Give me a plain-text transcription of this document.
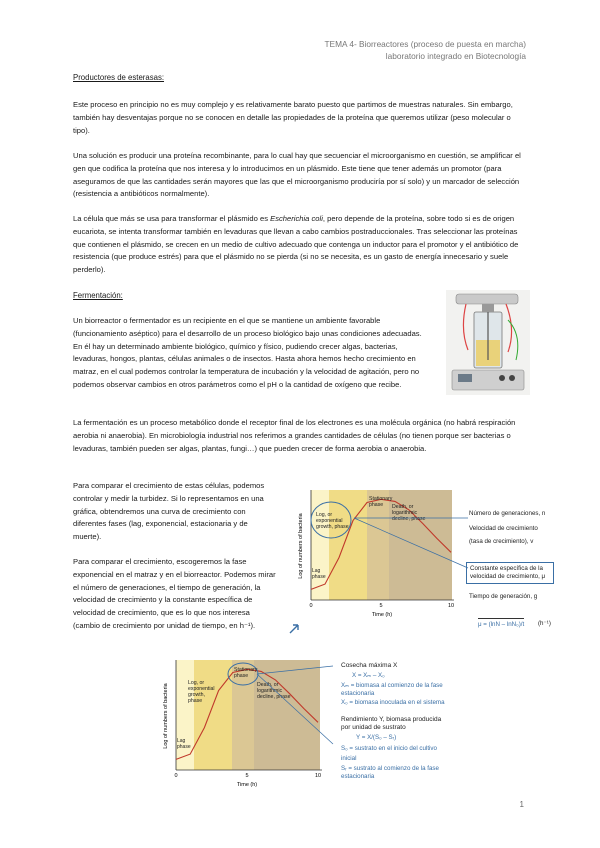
TEMA 4- Biorreactores (proceso de puesta en marcha)
laboratorio integrado en Biotecnología
Productores de esterasas:

Este proceso en principio no es muy complejo y es relativamente barato puesto que partimos de muestras naturales. Sin embargo, también hay desventajas porque no se conocen en detalle las propiedades de la proteína que queremos utilizar (peso molecular o tipo).

Una solución es producir una proteína recombinante, para lo cual hay que secuenciar el microorganismo en cuestión, se amplificar el gen que codifica la proteína que nos interesa y lo introducimos en un plásmido. Este tiene que tener además un promotor (para aseguramos de que las cantidades serán mayores que las que el microorganismo produciría por sí solo) y un marcador de selección (resistencia a antibióticos normalmente).

La célula que más se usa para transformar el plásmido es Escherichia coli, pero depende de la proteína, sobre todo si es de origen eucariota, se intenta transformar también en levaduras que llevan a cabo cambios postraduccionales. Tras seleccionar las proteínas que contienen el plásmido, se crecen en un medio de cultivo adecuado que contenga un inductor para el promotor y el antibiótico de resistencia (que produce estrés) para que el plásmido no se pierda (si no se necesita, es un gasto de energía innecesario y suele perderlo).

Fermentación:

Un biorreactor o fermentador es un recipiente en el que se mantiene un ambiente favorable (funcionamiento aséptico) para el desarrollo de un proceso biológico bajo unas condiciones adecuadas. En él hay un determinado ambiente biológico, químico y físico, pudiendo crecer algas, bacterias, levaduras, hongos, plantas, células animales o de insectos. Hasta ahora hemos hecho crecimiento en matraz, en el cual podemos controlar la temperatura de incubación y la velocidad de agitación, pero no podemos observar cambios en otros parámetros como el pH o la cantidad de oxígeno que recibe.

La fermentación es un proceso metabólico donde el receptor final de los electrones es una molécula orgánica (no habrá respiración aerobia ni anaerobia). En microbiología industrial nos referimos a grandes cantidades de células (no tienen porque ser bacterias o levaduras, también pueden ser algas, plantas, fungi…) que pueden crecer de forma aerobia o anaerobia.

Para comparar el crecimiento de estas células, podemos controlar y medir la turbidez. Si lo representamos en una gráfica, obtendremos una curva de crecimiento con diferentes fases (lag, exponencial, estacionaria y de muerte).

Para comparar el crecimiento, escogeremos la fase exponencial en el matraz y en el biorreactor. Podemos mirar el número de generaciones, el tiempo de generación, la velocidad de crecimiento y la constante específica de velocidad de crecimiento, que es lo que nos interesa (cambio de crecimiento por unidad de tiempo, en h⁻¹).

Log, or
exponential
growth, phase
Stationary
phase Death, or
logarithmic
decline, phase
Lag
phase
0	5	10
Time (h)
Log of numbers of bacteria	Número de generaciones, n
Velocidad de crecimiento
(tasa de crecimiento), v
Constante específica de la velocidad de crecimiento, μ
Tiempo de generación, g
μ = (lnN – lnN₀)/t (h⁻¹)
Log, or
exponential
growth,
phase
Stationary
phase
Death, or
logarithmic
decline, phase
Lag
phase
0	5	10
Time (h)
Log of numbers of bacteria
Cosecha máxima X
X = Xₘ – X₀
Xₘ = biomasa al comienzo de la fase estacionaria
X₀ = biomasa inoculada en el sistema
Rendimiento Y, biomasa producida por unidad de sustrato
Y = X/(S₀ – Sᵣ)
S₀ = sustrato en el inicio del cultivo
inicial
Sᵣ = sustrato al comienzo de la fase estacionaria
1
